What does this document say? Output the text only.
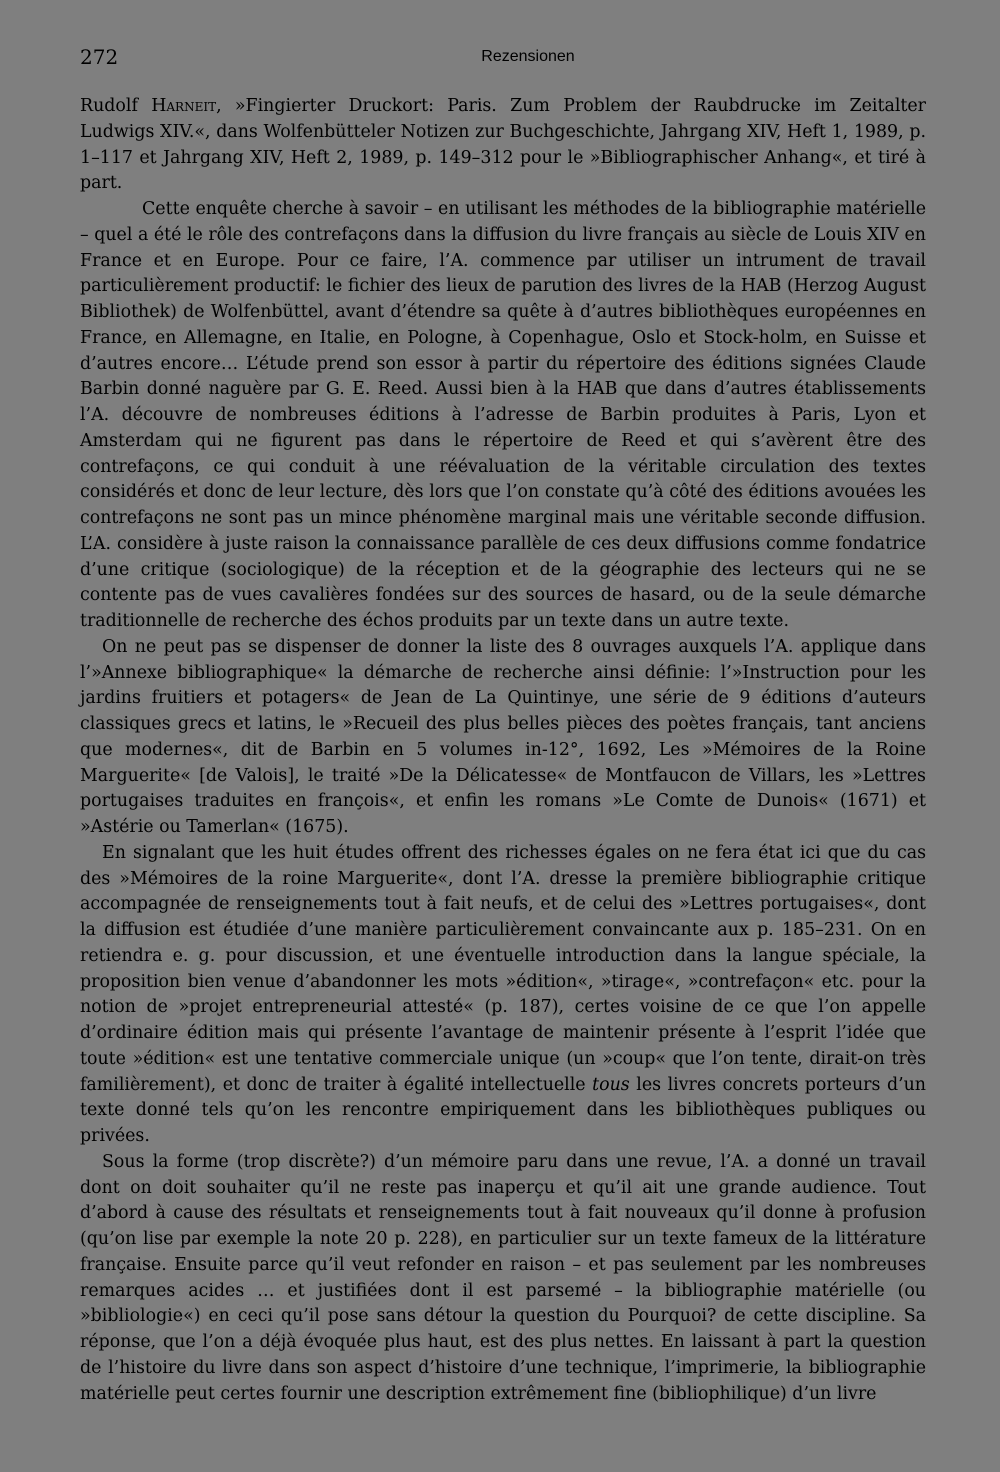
272	Rezensionen

Rudolf Harneit, »Fingierter Druckort: Paris. Zum Problem der Raubdrucke im Zeitalter Ludwigs XIV.«, dans Wolfenbütteler Notizen zur Buchgeschichte, Jahrgang XIV, Heft 1, 1989, p. 1–117 et Jahrgang XIV, Heft 2, 1989, p. 149–312 pour le »Bibliographischer Anhang«, et tiré à part.

Cette enquête cherche à savoir – en utilisant les méthodes de la bibliographie matérielle – quel a été le rôle des contrefaçons dans la diffusion du livre français au siècle de Louis XIV en France et en Europe. Pour ce faire, l’A. commence par utiliser un intrument de travail particulièrement productif: le fichier des lieux de parution des livres de la HAB (Herzog August Bibliothek) de Wolfenbüttel, avant d’étendre sa quête à d’autres bibliothèques européennes en France, en Allemagne, en Italie, en Pologne, à Copenhague, Oslo et Stock-holm, en Suisse et d’autres encore… L’étude prend son essor à partir du répertoire des éditions signées Claude Barbin donné naguère par G. E. Reed. Aussi bien à la HAB que dans d’autres établissements l’A. découvre de nombreuses éditions à l’adresse de Barbin produites à Paris, Lyon et Amsterdam qui ne figurent pas dans le répertoire de Reed et qui s’avèrent être des contrefaçons, ce qui conduit à une réévaluation de la véritable circulation des textes considérés et donc de leur lecture, dès lors que l’on constate qu’à côté des éditions avouées les contrefaçons ne sont pas un mince phénomène marginal mais une véritable seconde diffusion. L’A. considère à juste raison la connaissance parallèle de ces deux diffusions comme fondatrice d’une critique (sociologique) de la réception et de la géographie des lecteurs qui ne se contente pas de vues cavalières fondées sur des sources de hasard, ou de la seule démarche traditionnelle de recherche des échos produits par un texte dans un autre texte.

On ne peut pas se dispenser de donner la liste des 8 ouvrages auxquels l’A. applique dans l’»Annexe bibliographique« la démarche de recherche ainsi définie: l’»Instruction pour les jardins fruitiers et potagers« de Jean de La Quintinye, une série de 9 éditions d’auteurs classiques grecs et latins, le »Recueil des plus belles pièces des poètes français, tant anciens que modernes«, dit de Barbin en 5 volumes in-12°, 1692, Les »Mémoires de la Roine Marguerite« [de Valois], le traité »De la Délicatesse« de Montfaucon de Villars, les »Lettres portugaises traduites en françois«, et enfin les romans »Le Comte de Dunois« (1671) et »Astérie ou Tamerlan« (1675).

En signalant que les huit études offrent des richesses égales on ne fera état ici que du cas des »Mémoires de la roine Marguerite«, dont l’A. dresse la première bibliographie critique accompagnée de renseignements tout à fait neufs, et de celui des »Lettres portugaises«, dont la diffusion est étudiée d’une manière particulièrement convaincante aux p. 185–231. On en retiendra e. g. pour discussion, et une éventuelle introduction dans la langue spéciale, la proposition bien venue d’abandonner les mots »édition«, »tirage«, »contrefaçon« etc. pour la notion de »projet entrepreneurial attesté« (p. 187), certes voisine de ce que l’on appelle d’ordinaire édition mais qui présente l’avantage de maintenir présente à l’esprit l’idée que toute »édition« est une tentative commerciale unique (un »coup« que l’on tente, dirait-on très familièrement), et donc de traiter à égalité intellectuelle tous les livres concrets porteurs d’un texte donné tels qu’on les rencontre empiriquement dans les bibliothèques publiques ou privées.

Sous la forme (trop discrète?) d’un mémoire paru dans une revue, l’A. a donné un travail dont on doit souhaiter qu’il ne reste pas inaperçu et qu’il ait une grande audience. Tout d’abord à cause des résultats et renseignements tout à fait nouveaux qu’il donne à profusion (qu’on lise par exemple la note 20 p. 228), en particulier sur un texte fameux de la littérature française. Ensuite parce qu’il veut refonder en raison – et pas seulement par les nombreuses remarques acides … et justifiées dont il est parsemé – la bibliographie matérielle (ou »bibliologie«) en ceci qu’il pose sans détour la question du Pourquoi? de cette discipline. Sa réponse, que l’on a déjà évoquée plus haut, est des plus nettes. En laissant à part la question de l’histoire du livre dans son aspect d’histoire d’une technique, l’imprimerie, la bibliographie matérielle peut certes fournir une description extrêmement fine (bibliophilique) d’un livre
